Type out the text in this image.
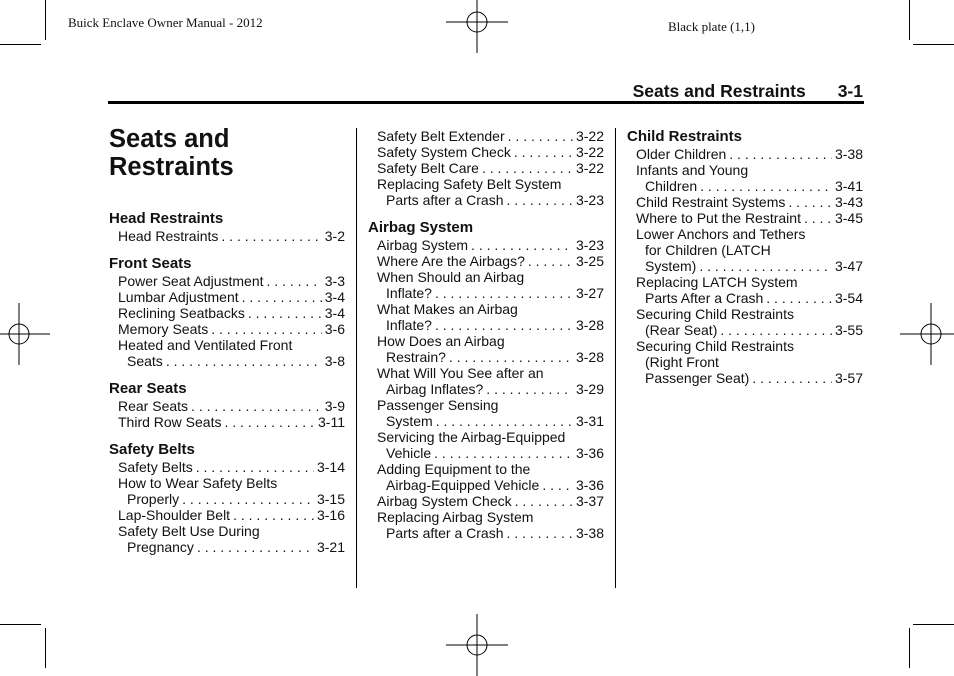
Buick Enclave Owner Manual - 2012	Black plate (1,1)
Seats and Restraints 3-1
Seats and
Restraints
Head Restraints
Head Restraints . . .	3-2
Front Seats
Power Seat Adjustment . . .	3-3
Lumbar Adjustment . . .	3-4
Reclining Seatbacks . . .	3-4
Memory Seats . . .	3-6
Heated and Ventilated Front
Seats . . .	3-8
Rear Seats
Rear Seats . . .	3-9
Third Row Seats . . .	3-11
Safety Belts
Safety Belts . . .	3-14
How to Wear Safety Belts
Properly . . .	3-15
Lap-Shoulder Belt . . .	3-16
Safety Belt Use During
Pregnancy . . .	3-21
Safety Belt Extender . . .	3-22
Safety System Check . . .	3-22
Safety Belt Care . . .	3-22
Replacing Safety Belt System
Parts after a Crash . . .	3-23
Airbag System
Airbag System . . .	3-23
Where Are the Airbags? . . .	3-25
When Should an Airbag
Inflate? . . .	3-27
What Makes an Airbag
Inflate? . . .	3-28
How Does an Airbag
Restrain? . . .	3-28
What Will You See after an
Airbag Inflates? . . .	3-29
Passenger Sensing
System . . .	3-31
Servicing the Airbag-Equipped
Vehicle . . .	3-36
Adding Equipment to the
Airbag-Equipped Vehicle . . .	3-36
Airbag System Check . . .	3-37
Replacing Airbag System
Parts after a Crash . . .	3-38
Child Restraints
Older Children . . .	3-38
Infants and Young
Children . . .	3-41
Child Restraint Systems . . .	3-43
Where to Put the Restraint . . . 3-45
Lower Anchors and Tethers
for Children (LATCH
System) . . .	3-47
Replacing LATCH System
Parts After a Crash . . .	3-54
Securing Child Restraints
(Rear Seat) . . .	3-55
Securing Child Restraints
(Right Front
Passenger Seat) . . .	3-57
